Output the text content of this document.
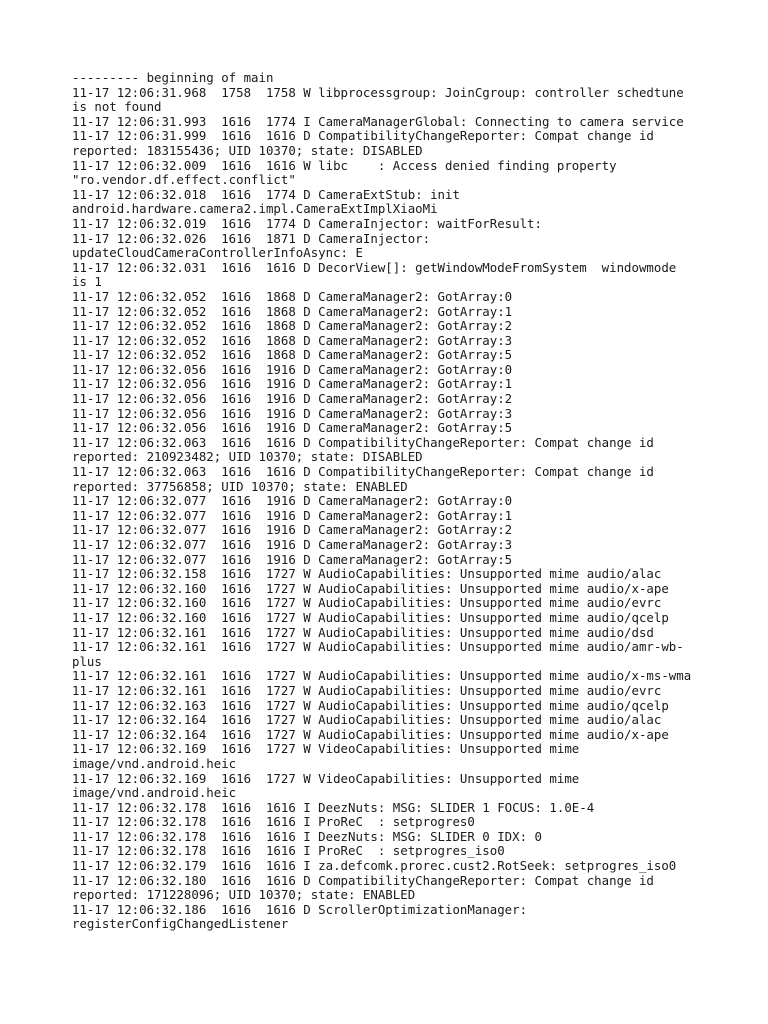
--------- beginning of main
11-17 12:06:31.968  1758  1758 W libprocessgroup: JoinCgroup: controller schedtune
is not found
11-17 12:06:31.993  1616  1774 I CameraManagerGlobal: Connecting to camera service
11-17 12:06:31.999  1616  1616 D CompatibilityChangeReporter: Compat change id
reported: 183155436; UID 10370; state: DISABLED
11-17 12:06:32.009  1616  1616 W libc    : Access denied finding property
"ro.vendor.df.effect.conflict"
11-17 12:06:32.018  1616  1774 D CameraExtStub: init
android.hardware.camera2.impl.CameraExtImplXiaoMi
11-17 12:06:32.019  1616  1774 D CameraInjector: waitForResult:
11-17 12:06:32.026  1616  1871 D CameraInjector:
updateCloudCameraControllerInfoAsync: E
11-17 12:06:32.031  1616  1616 D DecorView[]: getWindowModeFromSystem  windowmode
is 1
11-17 12:06:32.052  1616  1868 D CameraManager2: GotArray:0
11-17 12:06:32.052  1616  1868 D CameraManager2: GotArray:1
11-17 12:06:32.052  1616  1868 D CameraManager2: GotArray:2
11-17 12:06:32.052  1616  1868 D CameraManager2: GotArray:3
11-17 12:06:32.052  1616  1868 D CameraManager2: GotArray:5
11-17 12:06:32.056  1616  1916 D CameraManager2: GotArray:0
11-17 12:06:32.056  1616  1916 D CameraManager2: GotArray:1
11-17 12:06:32.056  1616  1916 D CameraManager2: GotArray:2
11-17 12:06:32.056  1616  1916 D CameraManager2: GotArray:3
11-17 12:06:32.056  1616  1916 D CameraManager2: GotArray:5
11-17 12:06:32.063  1616  1616 D CompatibilityChangeReporter: Compat change id
reported: 210923482; UID 10370; state: DISABLED
11-17 12:06:32.063  1616  1616 D CompatibilityChangeReporter: Compat change id
reported: 37756858; UID 10370; state: ENABLED
11-17 12:06:32.077  1616  1916 D CameraManager2: GotArray:0
11-17 12:06:32.077  1616  1916 D CameraManager2: GotArray:1
11-17 12:06:32.077  1616  1916 D CameraManager2: GotArray:2
11-17 12:06:32.077  1616  1916 D CameraManager2: GotArray:3
11-17 12:06:32.077  1616  1916 D CameraManager2: GotArray:5
11-17 12:06:32.158  1616  1727 W AudioCapabilities: Unsupported mime audio/alac
11-17 12:06:32.160  1616  1727 W AudioCapabilities: Unsupported mime audio/x-ape
11-17 12:06:32.160  1616  1727 W AudioCapabilities: Unsupported mime audio/evrc
11-17 12:06:32.160  1616  1727 W AudioCapabilities: Unsupported mime audio/qcelp
11-17 12:06:32.161  1616  1727 W AudioCapabilities: Unsupported mime audio/dsd
11-17 12:06:32.161  1616  1727 W AudioCapabilities: Unsupported mime audio/amr-wb-
plus
11-17 12:06:32.161  1616  1727 W AudioCapabilities: Unsupported mime audio/x-ms-wma
11-17 12:06:32.161  1616  1727 W AudioCapabilities: Unsupported mime audio/evrc
11-17 12:06:32.163  1616  1727 W AudioCapabilities: Unsupported mime audio/qcelp
11-17 12:06:32.164  1616  1727 W AudioCapabilities: Unsupported mime audio/alac
11-17 12:06:32.164  1616  1727 W AudioCapabilities: Unsupported mime audio/x-ape
11-17 12:06:32.169  1616  1727 W VideoCapabilities: Unsupported mime
image/vnd.android.heic
11-17 12:06:32.169  1616  1727 W VideoCapabilities: Unsupported mime
image/vnd.android.heic
11-17 12:06:32.178  1616  1616 I DeezNuts: MSG: SLIDER 1 FOCUS: 1.0E-4
11-17 12:06:32.178  1616  1616 I ProReC  : setprogres0
11-17 12:06:32.178  1616  1616 I DeezNuts: MSG: SLIDER 0 IDX: 0
11-17 12:06:32.178  1616  1616 I ProReC  : setprogres_iso0
11-17 12:06:32.179  1616  1616 I za.defcomk.prorec.cust2.RotSeek: setprogres_iso0
11-17 12:06:32.180  1616  1616 D CompatibilityChangeReporter: Compat change id
reported: 171228096; UID 10370; state: ENABLED
11-17 12:06:32.186  1616  1616 D ScrollerOptimizationManager:
registerConfigChangedListener
